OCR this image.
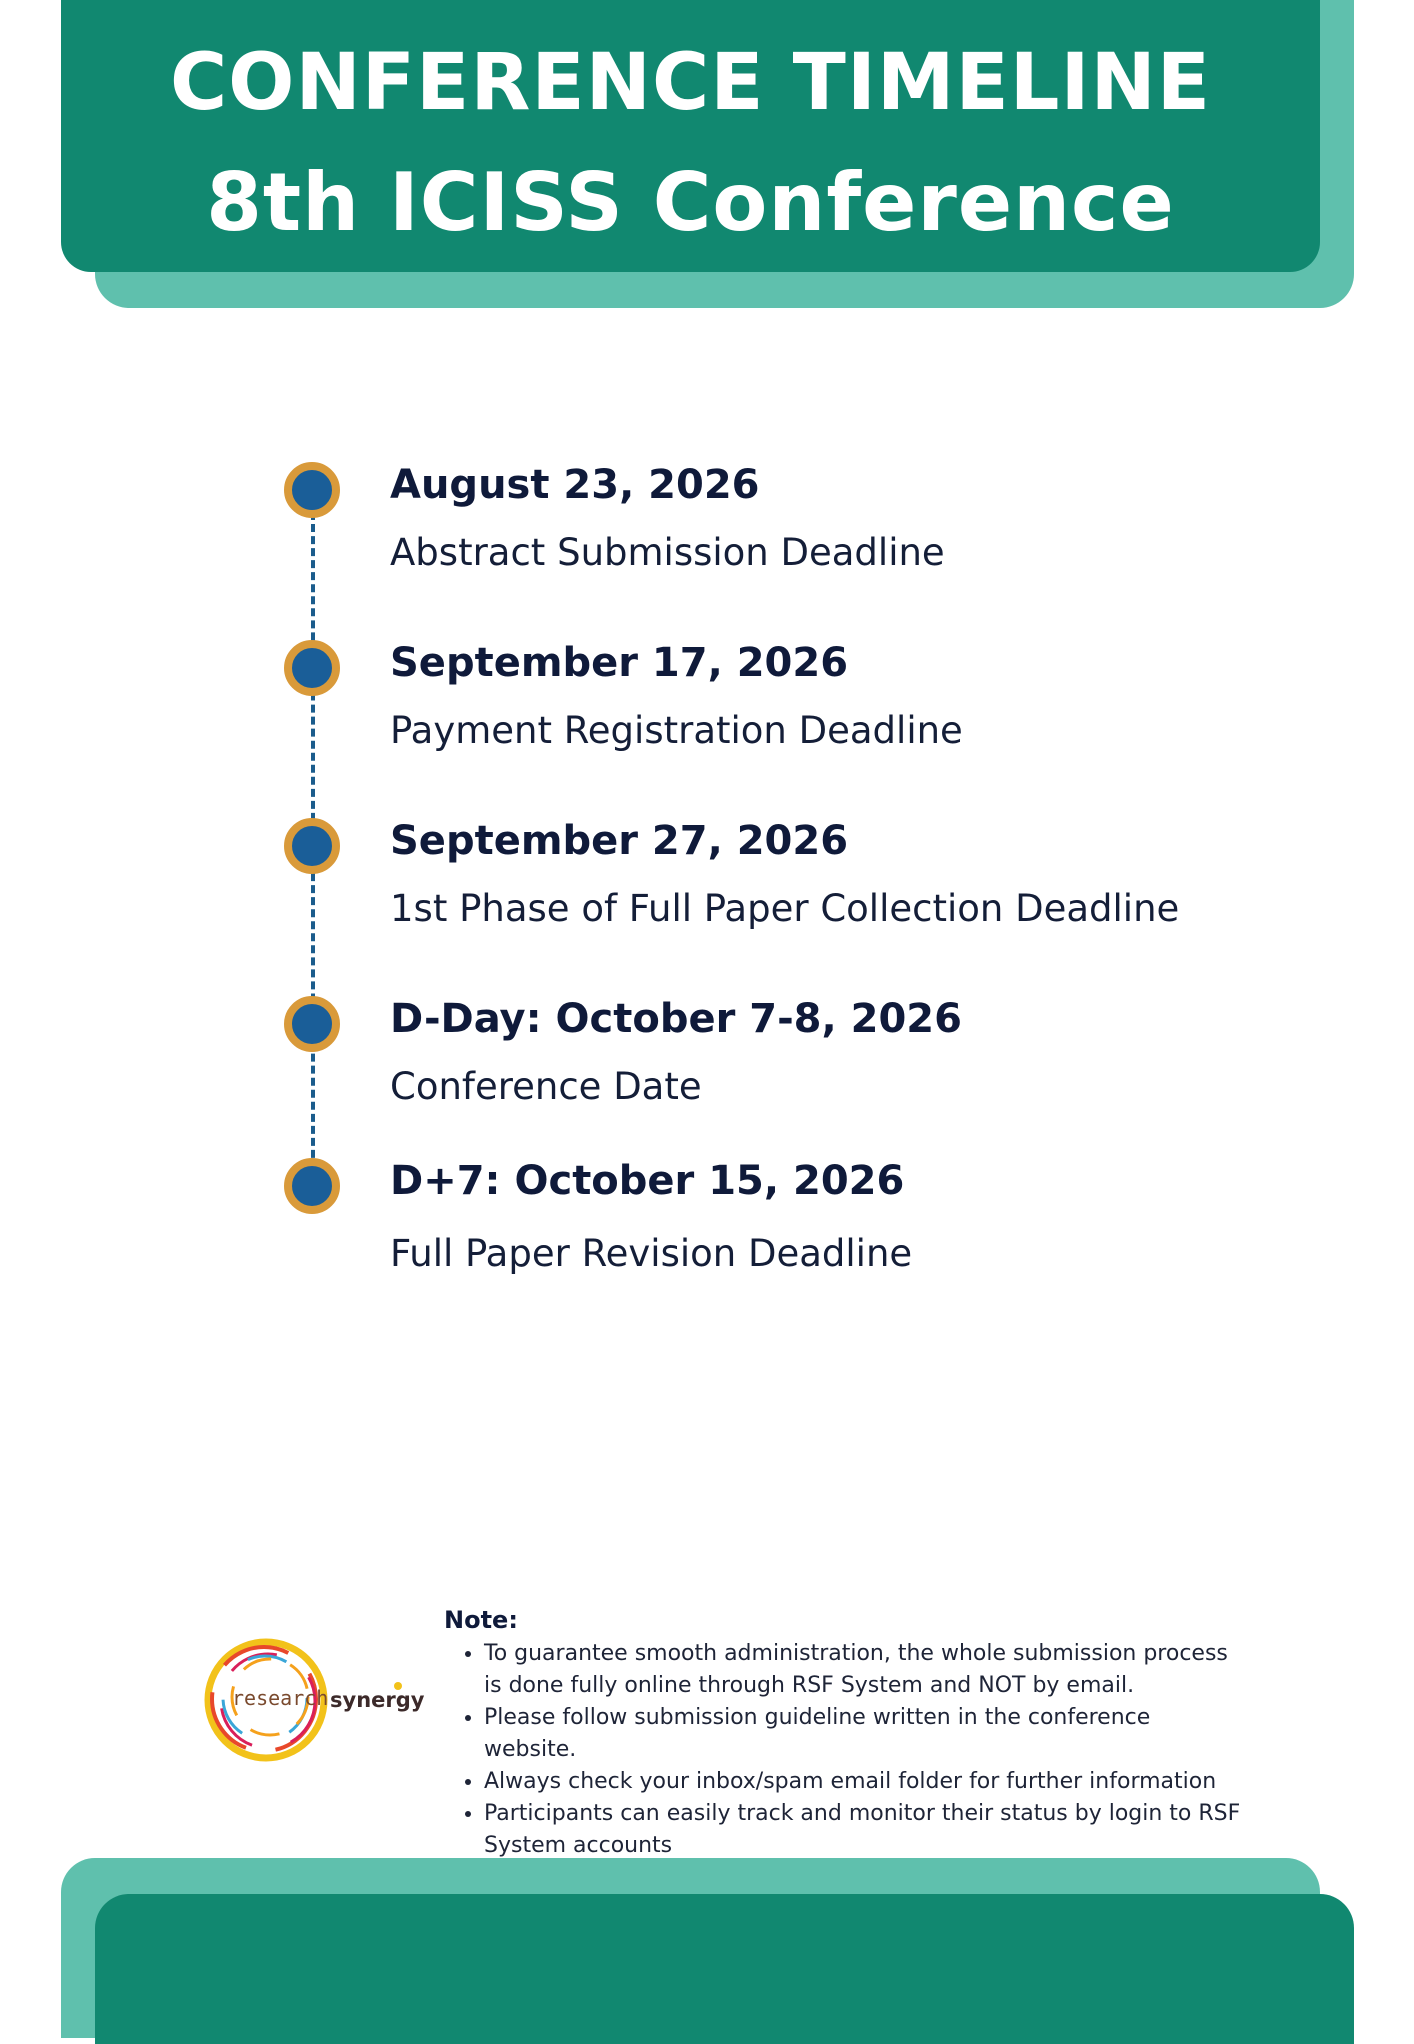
CONFERENCE TIMELINE
8th ICISS Conference
August 23, 2026
Abstract Submission Deadline
September 17, 2026
Payment Registration Deadline
September 27, 2026
1st Phase of Full Paper Collection Deadline
D-Day: October 7-8, 2026
Conference Date
D+7: October 15, 2026
Full Paper Revision Deadline
research synergy
Note:
• To guarantee smooth administration, the whole submission process is done fully online through RSF System and NOT by email.
• Please follow submission guideline written in the conference website.
• Always check your inbox/spam email folder for further information
• Participants can easily track and monitor their status by login to RSF System accounts
